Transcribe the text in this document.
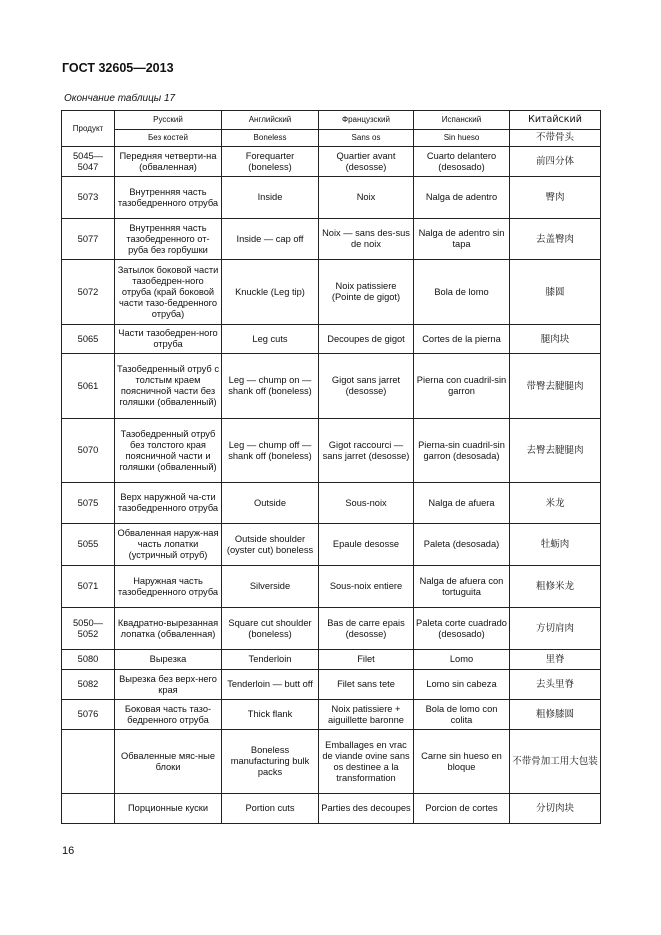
ГОСТ 32605—2013
Окончание таблицы 17
Продукт	Русский	Английский	Французский	Испанский	Китайский
	Без костей	Boneless	Sans os	Sin hueso	不带骨头
5045—5047	Передняя четверти-на (обваленная)	Forequarter (boneless)	Quartier avant (desosse)	Cuarto delantero (desosado)	前四分体
5073	Внутренняя часть тазобедренного отруба	Inside	Noix	Nalga de adentro	臀肉
5077	Внутренняя часть тазобедренного от-руба без горбушки	Inside — cap off	Noix — sans des-sus de noix	Nalga de adentro sin tapa	去盖臀肉
5072	Затылок боковой части тазобедрен-ного отруба (край боковой части тазо-бедренного отруба)	Knuckle (Leg tip)	Noix patissiere (Pointe de gigot)	Bola de lomo	膝圆
5065	Части тазобедрен-ного отруба	Leg cuts	Decoupes de gigot	Cortes de la pierna	腿肉块
5061	Тазобедренный отруб с толстым краем поясничной части без голяшки (обваленный)	Leg — chump on — shank off (boneless)	Gigot sans jarret (desosse)	Pierna con cuadril-sin garron	带臀去腱腿肉
5070	Тазобедренный отруб без толстого края поясничной части и голяшки (обваленный)	Leg — chump off — shank off (boneless)	Gigot raccourci — sans jarret (desosse)	Pierna-sin cuadril-sin garron (desosada)	去臀去腱腿肉
5075	Верх наружной ча-сти тазобедренного отруба	Outside	Sous-noix	Nalga de afuera	米龙
5055	Обваленная наруж-ная часть лопатки (устричный отруб)	Outside shoulder (oyster cut) boneless	Epaule desosse	Paleta (desosada)	牡蛎肉
5071	Наружная часть тазобедренного отруба	Silverside	Sous-noix entiere	Nalga de afuera con tortuguita	粗修米龙
5050—5052	Квадратно-вырезанная лопатка (обваленная)	Square cut shoulder (boneless)	Bas de carre epais (desosse)	Paleta corte cuadrado (desosado)	方切肩肉
5080	Вырезка	Tenderloin	Filet	Lomo	里脊
5082	Вырезка без верх-него края	Tenderloin — butt off	Filet sans tete	Lomo sin cabeza	去头里脊
5076	Боковая часть тазо-бедренного отруба	Thick flank	Noix patissiere + aiguillette baronne	Bola de lomo con colita	粗修膝圆
	Обваленные мяс-ные блоки	Boneless manufacturing bulk packs	Emballages en vrac de viande ovine sans os destinee a la transformation	Carne sin hueso en bloque	不带骨加工用大包装
	Порционные куски	Portion cuts	Parties des decoupes	Porcion de cortes	分切肉块
16
